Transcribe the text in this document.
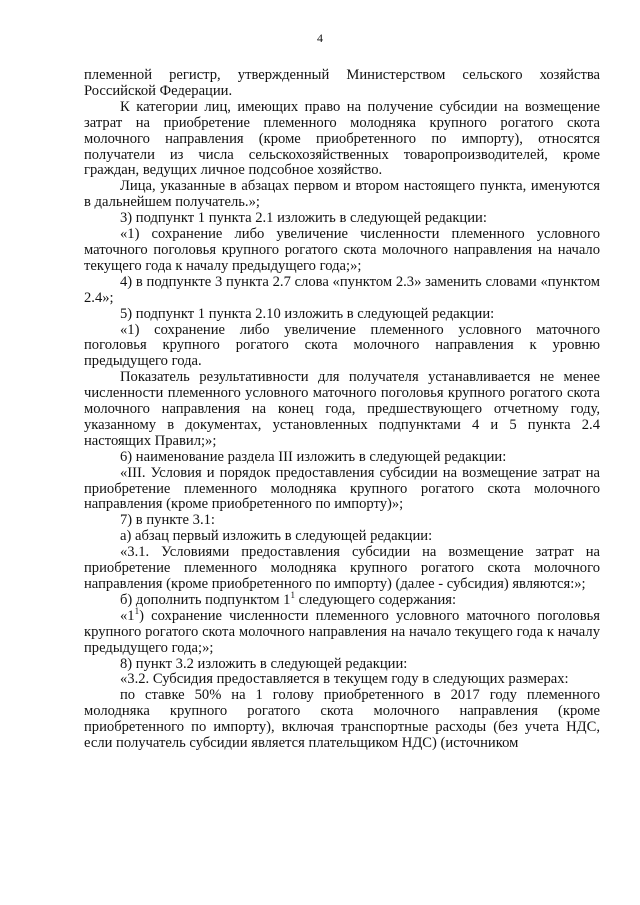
4

племенной регистр, утвержденный Министерством сельского хозяйства Российской Федерации.

К категории лиц, имеющих право на получение субсидии на возмещение затрат на приобретение племенного молодняка крупного рогатого скота молочного направления (кроме приобретенного по импорту), относятся получатели из числа сельскохозяйственных товаропроизводителей, кроме граждан, ведущих личное подсобное хозяйство.

Лица, указанные в абзацах первом и втором настоящего пункта, именуются в дальнейшем получатель.»;

3) подпункт 1 пункта 2.1 изложить в следующей редакции:

«1) сохранение либо увеличение численности племенного условного маточного поголовья крупного рогатого скота молочного направления на начало текущего года к началу предыдущего года;»;

4) в подпункте 3 пункта 2.7 слова «пунктом 2.3» заменить словами «пунктом 2.4»;

5) подпункт 1 пункта 2.10 изложить в следующей редакции:

«1) сохранение либо увеличение племенного условного маточного поголовья крупного рогатого скота молочного направления к уровню предыдущего года.

Показатель результативности для получателя устанавливается не менее численности племенного условного маточного поголовья крупного рогатого скота молочного направления на конец года, предшествующего отчетному году, указанному в документах, установленных подпунктами 4 и 5 пункта 2.4 настоящих Правил;»;

6) наименование раздела III изложить в следующей редакции:

«III. Условия и порядок предоставления субсидии на возмещение затрат на приобретение племенного молодняка крупного рогатого скота молочного направления (кроме приобретенного по импорту)»;

7) в пункте 3.1:

а) абзац первый изложить в следующей редакции:

«3.1. Условиями предоставления субсидии на возмещение затрат на приобретение племенного молодняка крупного рогатого скота молочного направления (кроме приобретенного по импорту) (далее - субсидия) являются:»;

б) дополнить подпунктом $1^1$ следующего содержания:

«$1^1$) сохранение численности племенного условного маточного поголовья крупного рогатого скота молочного направления на начало текущего года к началу предыдущего года;»;

8) пункт 3.2 изложить в следующей редакции:

«3.2. Субсидия предоставляется в текущем году в следующих размерах:

по ставке 50% на 1 голову приобретенного в 2017 году племенного молодняка крупного рогатого скота молочного направления (кроме приобретенного по импорту), включая транспортные расходы (без учета НДС, если получатель субсидии является плательщиком НДС) (источником
